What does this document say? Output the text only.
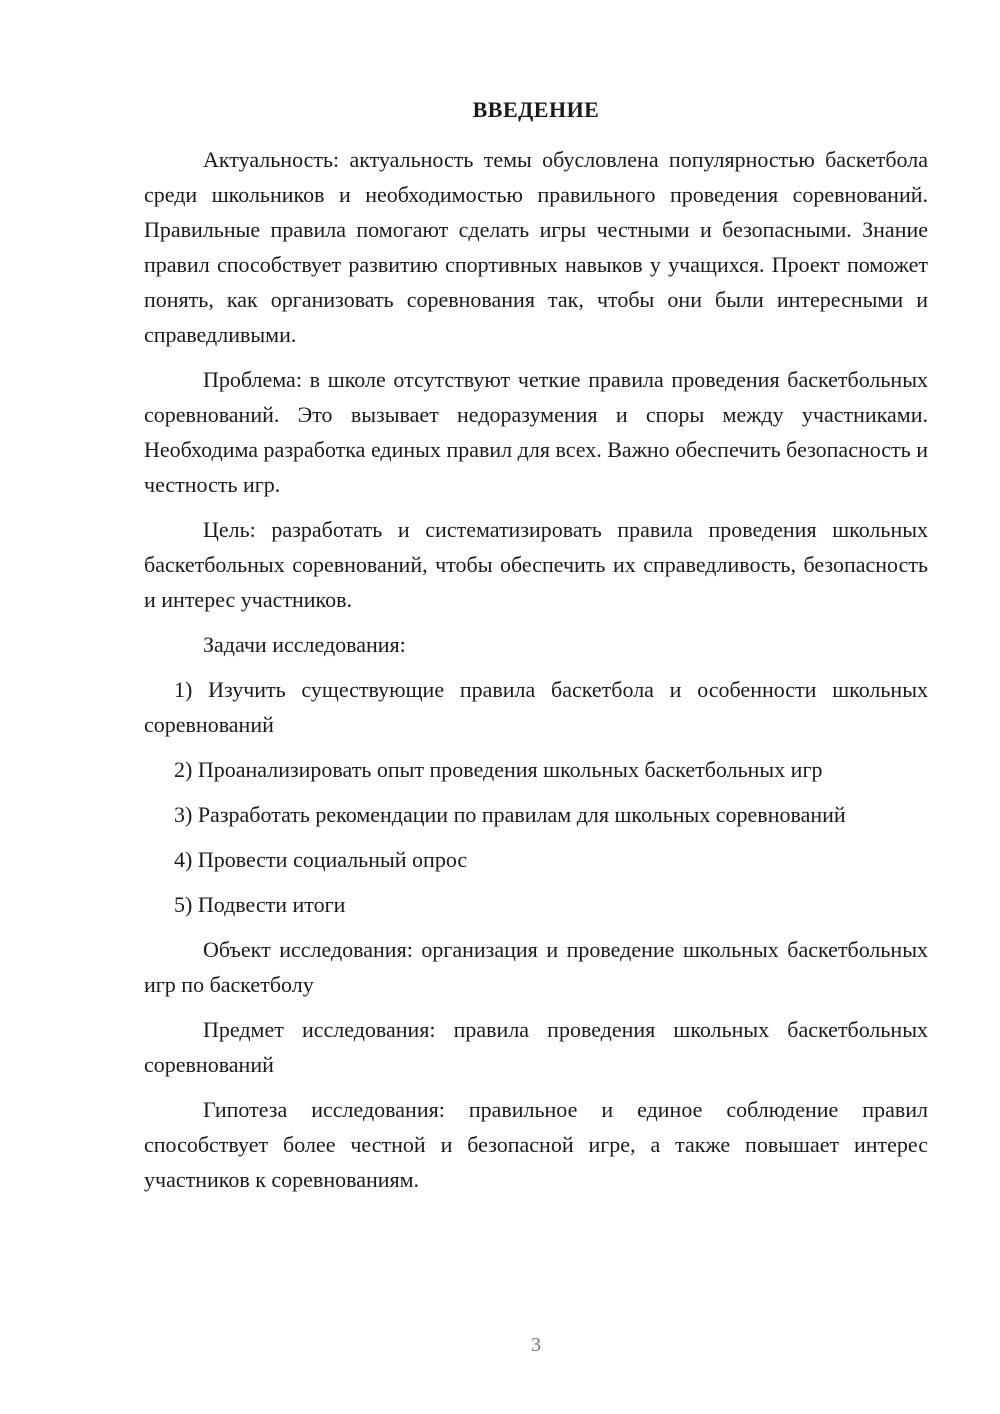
ВВЕДЕНИЕ

Актуальность: актуальность темы обусловлена популярностью баскетбола среди школьников и необходимостью правильного проведения соревнований. Правильные правила помогают сделать игры честными и безопасными. Знание правил способствует развитию спортивных навыков у учащихся. Проект поможет понять, как организовать соревнования так, чтобы они были интересными и справедливыми.

Проблема: в школе отсутствуют четкие правила проведения баскетбольных соревнований. Это вызывает недоразумения и споры между участниками. Необходима разработка единых правил для всех. Важно обеспечить безопасность и честность игр.

Цель: разработать и систематизировать правила проведения школьных баскетбольных соревнований, чтобы обеспечить их справедливость, безопасность и интерес участников.

Задачи исследования:

1) Изучить существующие правила баскетбола и особенности школьных соревнований

2) Проанализировать опыт проведения школьных баскетбольных игр

3) Разработать рекомендации по правилам для школьных соревнований

4) Провести социальный опрос

5) Подвести итоги

Объект исследования: организация и проведение школьных баскетбольных игр по баскетболу

Предмет исследования: правила проведения школьных баскетбольных соревнований

Гипотеза исследования: правильное и единое соблюдение правил способствует более честной и безопасной игре, а также повышает интерес участников к соревнованиям.

3
